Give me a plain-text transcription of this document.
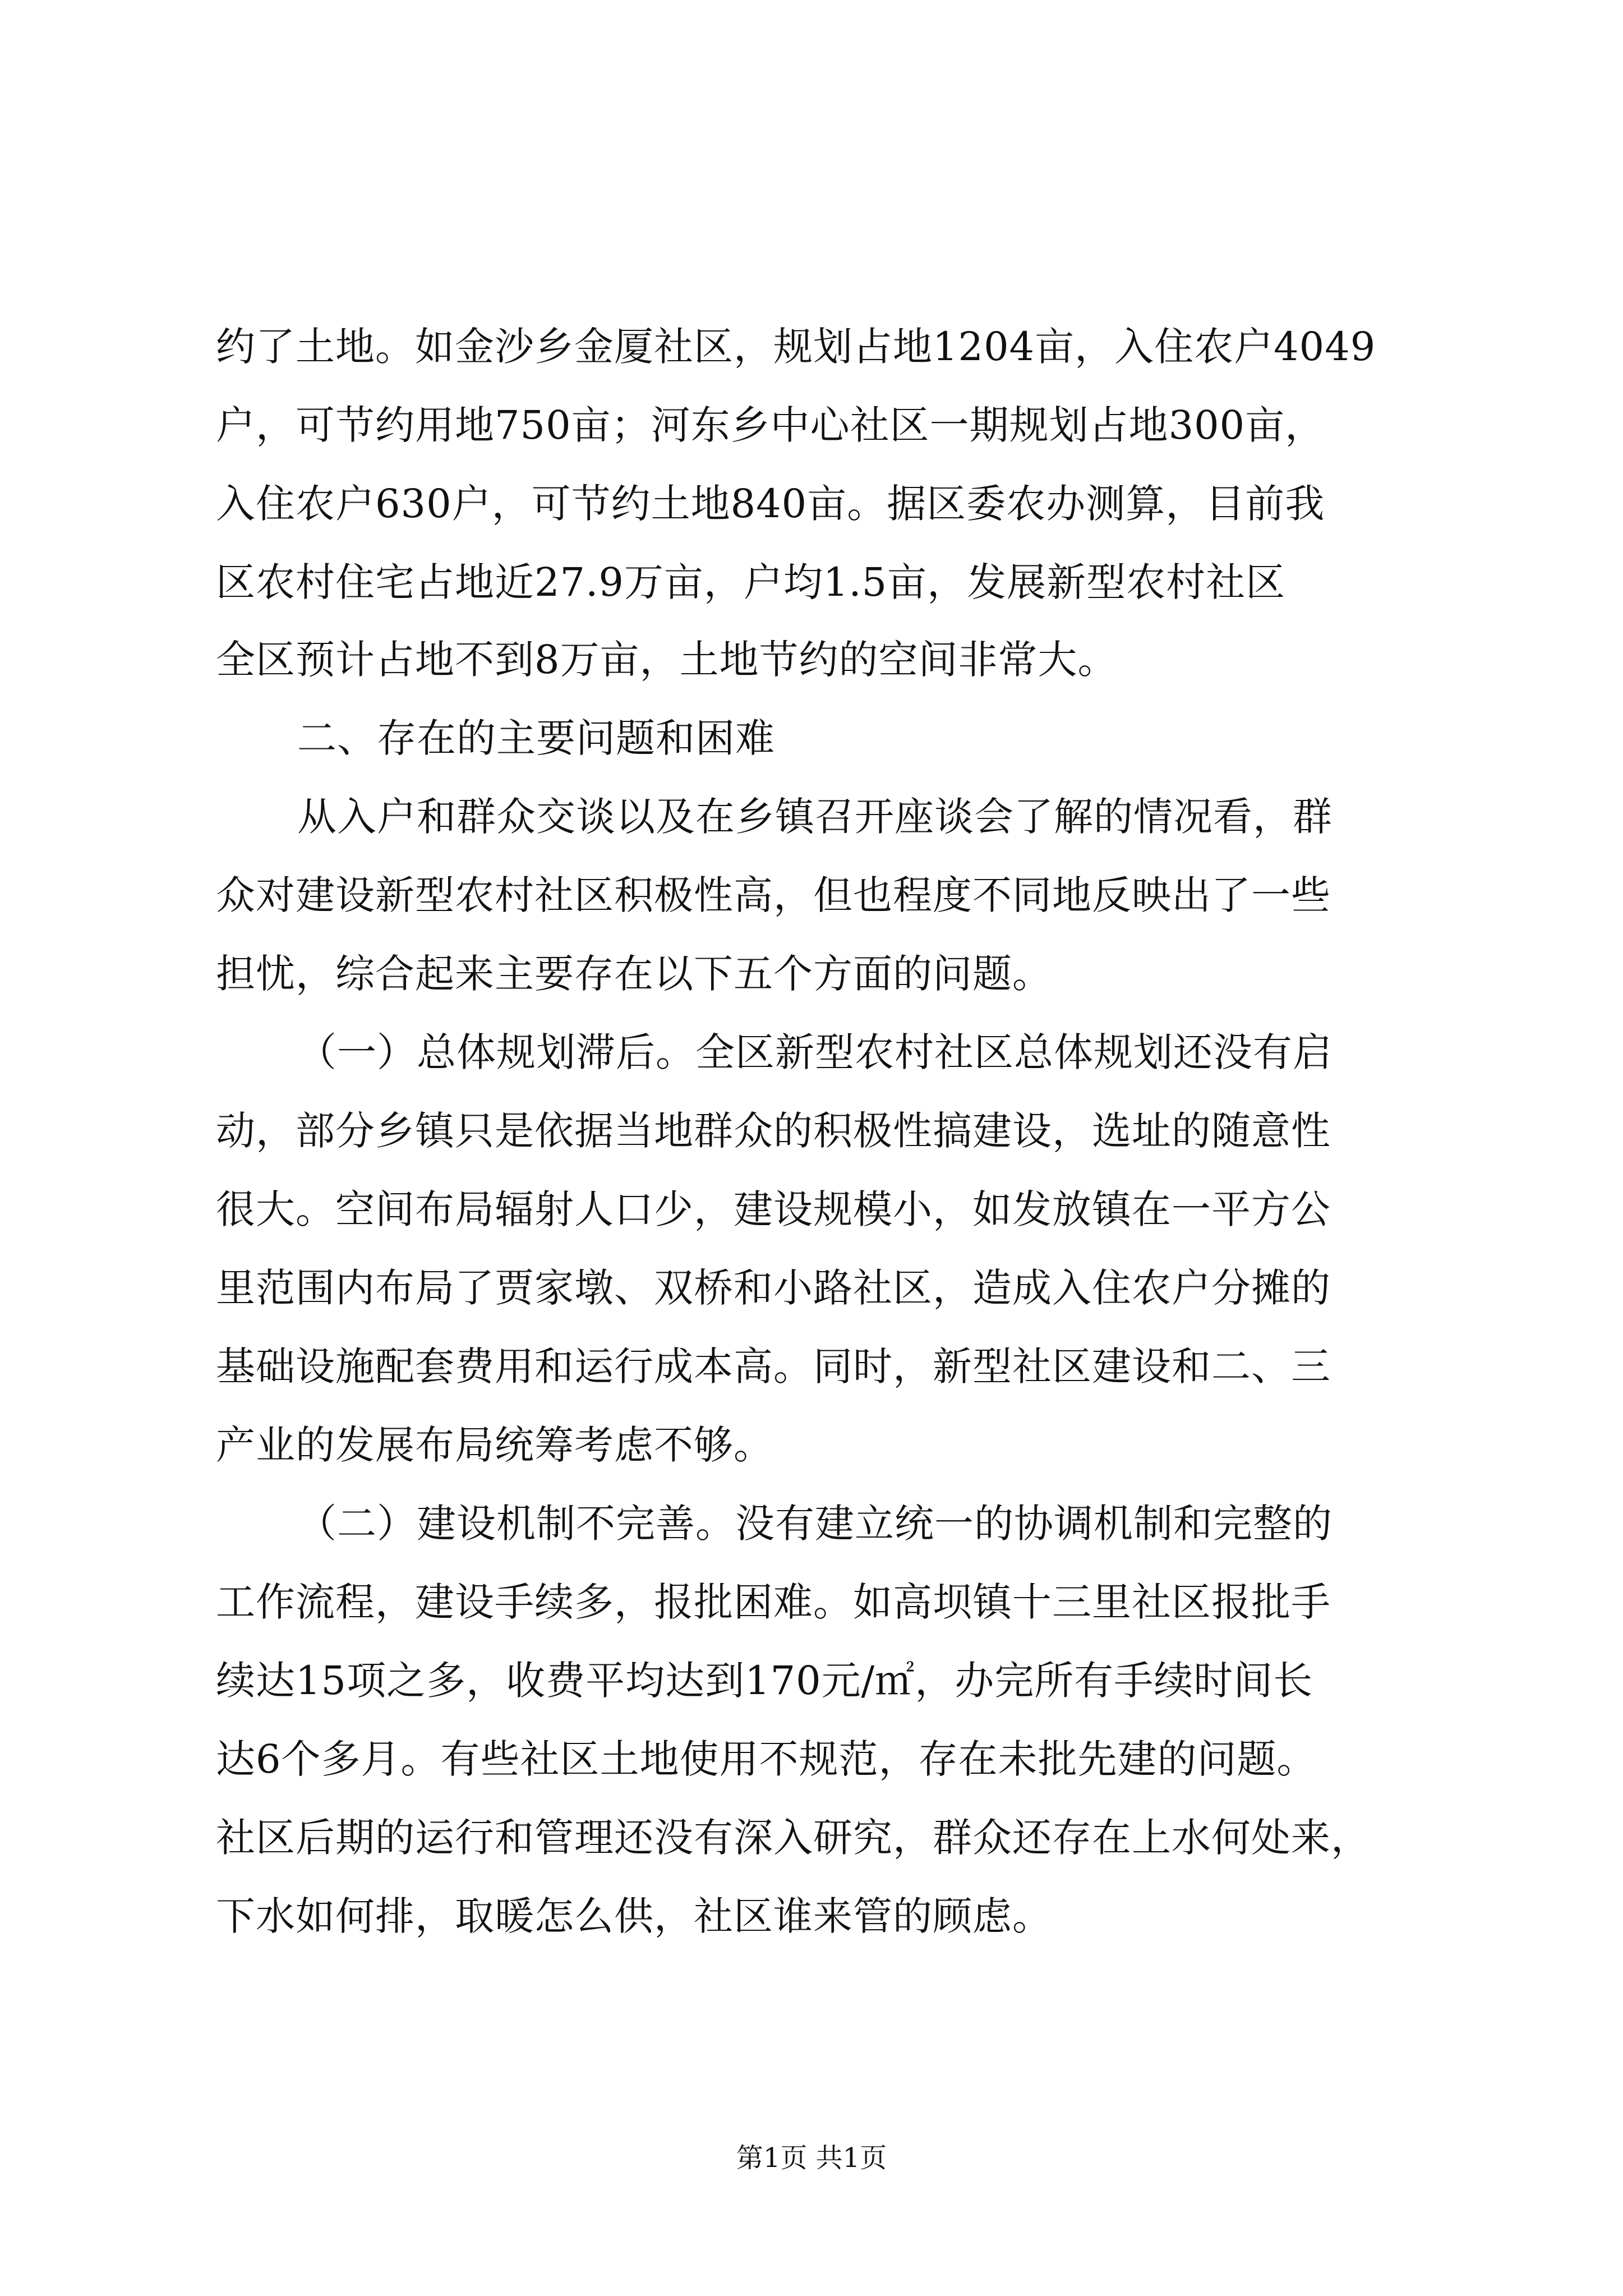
约了土地。如金沙乡金厦社区，规划占地1204亩，入住农户4049
户，可节约用地750亩；河东乡中心社区一期规划占地300亩，
入住农户630户，可节约土地840亩。据区委农办测算，目前我
区农村住宅占地近27.9万亩，户均1.5亩，发展新型农村社区
全区预计占地不到8万亩，土地节约的空间非常大。
二、存在的主要问题和困难
从入户和群众交谈以及在乡镇召开座谈会了解的情况看，群
众对建设新型农村社区积极性高，但也程度不同地反映出了一些
担忧，综合起来主要存在以下五个方面的问题。
（一）总体规划滞后。全区新型农村社区总体规划还没有启
动，部分乡镇只是依据当地群众的积极性搞建设，选址的随意性
很大。空间布局辐射人口少，建设规模小，如发放镇在一平方公
里范围内布局了贾家墩、双桥和小路社区，造成入住农户分摊的
基础设施配套费用和运行成本高。同时，新型社区建设和二、三
产业的发展布局统筹考虑不够。
（二）建设机制不完善。没有建立统一的协调机制和完整的
工作流程，建设手续多，报批困难。如高坝镇十三里社区报批手
续达15项之多，收费平均达到170元/㎡，办完所有手续时间长
达6个多月。有些社区土地使用不规范，存在未批先建的问题。
社区后期的运行和管理还没有深入研究，群众还存在上水何处来，
下水如何排，取暖怎么供，社区谁来管的顾虑。
第1页 共1页
